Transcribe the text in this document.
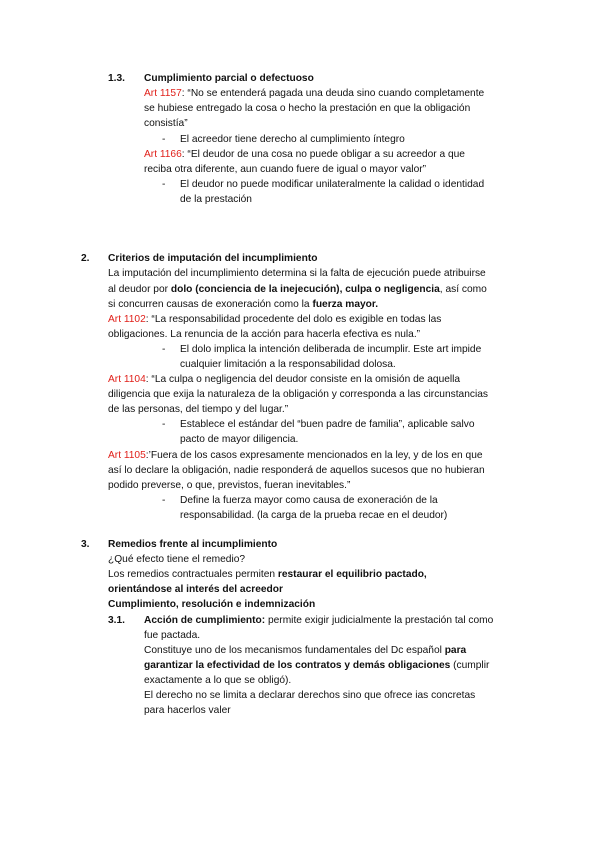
1.3. Cumplimiento parcial o defectuoso
Art 1157: “No se entenderá pagada una deuda sino cuando completamente
se hubiese entregado la cosa o hecho la prestación en que la obligación
consistía”
- El acreedor tiene derecho al cumplimiento íntegro
Art 1166: “El deudor de una cosa no puede obligar a su acreedor a que
reciba otra diferente, aun cuando fuere de igual o mayor valor”
- El deudor no puede modificar unilateralmente la calidad o identidad
de la prestación
2. Criterios de imputación del incumplimiento
La imputación del incumplimiento determina si la falta de ejecución puede atribuirse
al deudor por dolo (conciencia de la inejecución), culpa o negligencia, así como
si concurren causas de exoneración como la fuerza mayor.
Art 1102: “La responsabilidad procedente del dolo es exigible en todas las
obligaciones. La renuncia de la acción para hacerla efectiva es nula.”
- El dolo implica la intención deliberada de incumplir. Este art impide
cualquier limitación a la responsabilidad dolosa.
Art 1104: “La culpa o negligencia del deudor consiste en la omisión de aquella
diligencia que exija la naturaleza de la obligación y corresponda a las circunstancias
de las personas, del tiempo y del lugar.”
- Establece el estándar del “buen padre de familia”, aplicable salvo
pacto de mayor diligencia.
Art 1105:’Fuera de los casos expresamente mencionados en la ley, y de los en que
así lo declare la obligación, nadie responderá de aquellos sucesos que no hubieran
podido preverse, o que, previstos, fueran inevitables.”
- Define la fuerza mayor como causa de exoneración de la
responsabilidad. (la carga de la prueba recae en el deudor)
3. Remedios frente al incumplimiento
¿Qué efecto tiene el remedio?
Los remedios contractuales permiten restaurar el equilibrio pactado,
orientándose al interés del acreedor
Cumplimiento, resolución e indemnización
3.1. Acción de cumplimiento: permite exigir judicialmente la prestación tal como
fue pactada.
Constituye uno de los mecanismos fundamentales del Dc español para
garantizar la efectividad de los contratos y demás obligaciones (cumplir
exactamente a lo que se obligó).
El derecho no se limita a declarar derechos sino que ofrece ias concretas
para hacerlos valer
